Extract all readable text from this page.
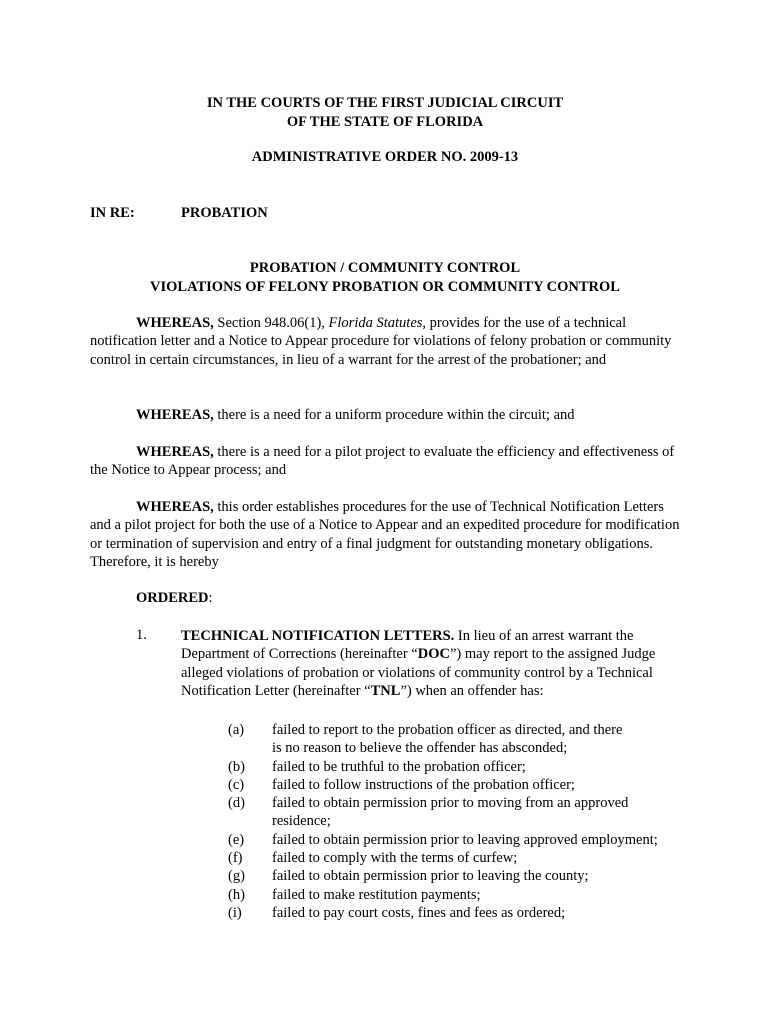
IN THE COURTS OF THE FIRST JUDICIAL CIRCUIT
OF THE STATE OF FLORIDA
ADMINISTRATIVE ORDER NO. 2009-13
IN RE:	PROBATION
PROBATION / COMMUNITY CONTROL
VIOLATIONS OF FELONY PROBATION OR COMMUNITY CONTROL
WHEREAS, Section 948.06(1), Florida Statutes, provides for the use of a technical notification letter and a Notice to Appear procedure for violations of felony probation or community control in certain circumstances, in lieu of a warrant for the arrest of the probationer; and
WHEREAS, there is a need for a uniform procedure within the circuit; and
WHEREAS, there is a need for a pilot project to evaluate the efficiency and effectiveness of the Notice to Appear process; and
WHEREAS, this order establishes procedures for the use of Technical Notification Letters and a pilot project for both the use of a Notice to Appear and an expedited procedure for modification or termination of supervision and entry of a final judgment for outstanding monetary obligations. Therefore, it is hereby
ORDERED:
1. TECHNICAL NOTIFICATION LETTERS. In lieu of an arrest warrant the Department of Corrections (hereinafter “DOC”) may report to the assigned Judge alleged violations of probation or violations of community control by a Technical Notification Letter (hereinafter “TNL”) when an offender has:
(a)	failed to report to the probation officer as directed, and there is no reason to believe the offender has absconded;
(b)	failed to be truthful to the probation officer;
(c)	failed to follow instructions of the probation officer;
(d)	failed to obtain permission prior to moving from an approved residence;
(e)	failed to obtain permission prior to leaving approved employment;
(f)	failed to comply with the terms of curfew;
(g)	failed to obtain permission prior to leaving the county;
(h)	failed to make restitution payments;
(i)	failed to pay court costs, fines and fees as ordered;
